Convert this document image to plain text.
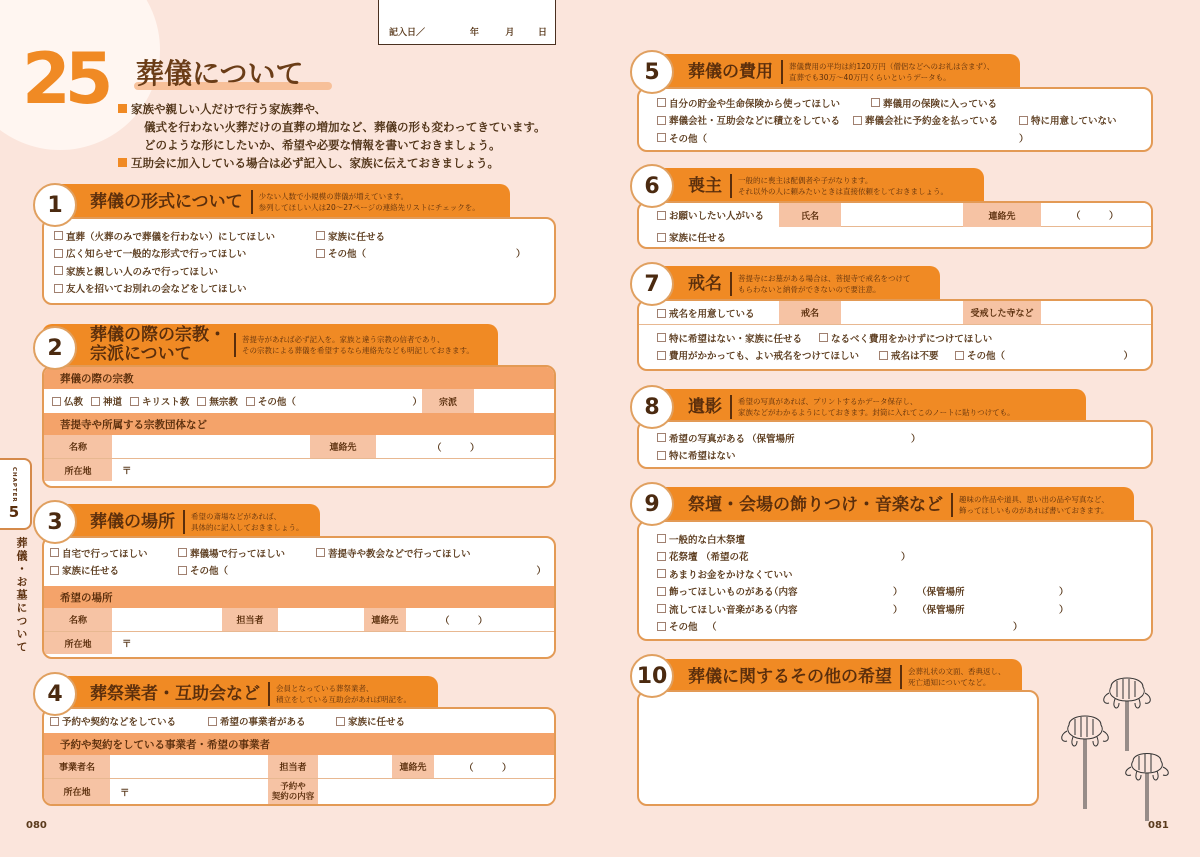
25 葬儀について
記入日／	年	月	日
家族や親しい人だけで行う家族葬や、
儀式を行わない火葬だけの直葬の増加など、葬儀の形も変わってきています。
どのような形にしたいか、希望や必要な情報を書いておきましょう。
互助会に加入している場合は必ず記入し、家族に伝えておきましょう。
CHAPTER
5
葬儀・お墓について
1	葬儀の形式について 少ない人数で小規模の葬儀が増えています。
参列してほしい人は20〜27ページの連絡先リストにチェックを。
直葬（火葬のみで葬儀を行わない）にしてほしい
広く知らせて一般的な形式で行ってほしい
家族と親しい人のみで行ってほしい
友人を招いてお別れの会などをしてほしい
家族に任せる
その他（	）
2
葬儀の際の宗教・
宗派について
菩提寺があれば必ず記入を。家族と違う宗教の信者であり、
その宗教による葬儀を希望するなら連絡先なども明記しておきます。
葬儀の際の宗教
仏教 神道 キリスト教 無宗教 その他（	）	宗派
菩提寺や所属する宗教団体など
名称	連絡先	（　　　）
所在地	〒
3	葬儀の場所 希望の斎場などがあれば、
具体的に記入しておきましょう。
自宅で行ってほしい	葬儀場で行ってほしい	菩提寺や教会などで行ってほしい
家族に任せる	その他（	）
希望の場所
名称	担当者	連絡先	（　　　）
所在地	〒
4	葬祭業者・互助会など 会員となっている葬祭業者、
積立をしている互助会があれば明記を。
予約や契約などをしている	希望の事業者がある	家族に任せる
予約や契約をしている事業者・希望の事業者
事業者名	担当者	連絡先	（　　　）
所在地	〒
予約や
契約の内容
080
5	葬儀の費用 葬儀費用の平均は約120万円（僧侶などへのお礼は含まず）、
直葬でも30万〜40万円くらいというデータも。
自分の貯金や生命保険から使ってほしい	葬儀用の保険に入っている
葬儀会社・互助会などに積立をしている	葬儀会社に予約金を払っている	特に用意していない
その他（	）
6	喪主 一般的に喪主は配偶者や子がなります。
それ以外の人に頼みたいときは直接依頼をしておきましょう。
お願いしたい人がいる	氏名	連絡先	（　　　）
家族に任せる
7	戒名 菩提寺にお墓がある場合は、菩提寺で戒名をつけて
もらわないと納骨ができないので要注意。
戒名を用意している	戒名	受戒した寺など
特に希望はない・家族に任せる	なるべく費用をかけずにつけてほしい
費用がかかっても、よい戒名をつけてほしい	戒名は不要	その他（	）
8	遺影 希望の写真があれば、プリントするかデータ保存し、
家族などがわかるようにしておきます。封筒に入れてこのノートに貼りつけても。
希望の写真がある （保管場所	）
特に希望はない
9	祭壇・会場の飾りつけ・音楽など 趣味の作品や道具、思い出の品や写真など、
飾ってほしいものがあれば書いておきます。
一般的な白木祭壇
花祭壇 （希望の花	）
あまりお金をかけなくていい
飾ってほしいものがある
（内容	）	（保管場所	）
流してほしい音楽がある
（内容	）	（保管場所	）
その他 （	）
10	葬儀に関するその他の希望 会葬礼状の文面、香典返し、
死亡通知についてなど。
081
